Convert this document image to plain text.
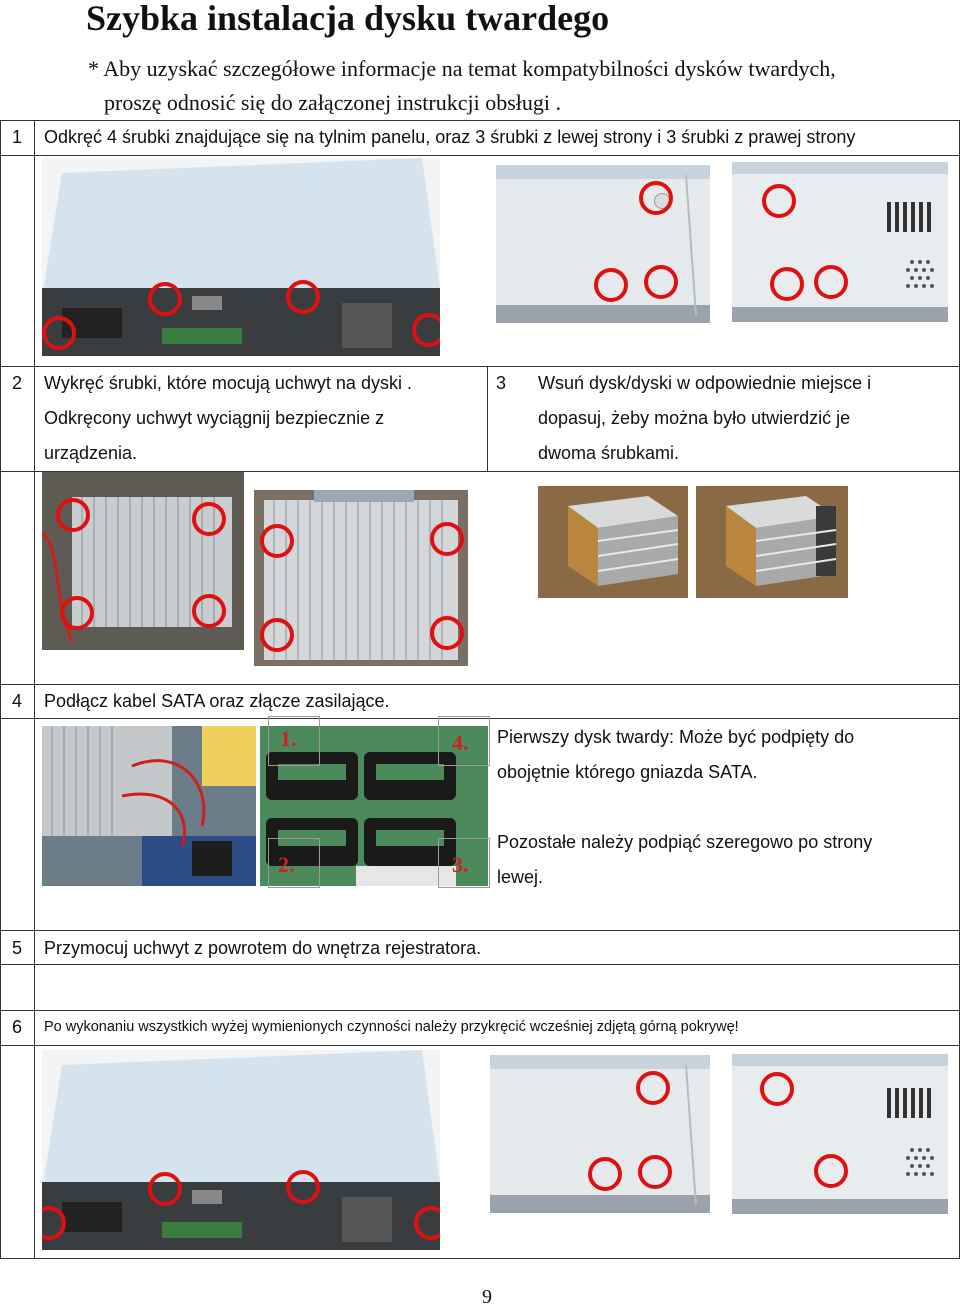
Szybka instalacja dysku twardego
* Aby uzyskać szczegółowe informacje na temat kompatybilności dysków twardych,
proszę odnosić się do załączonej instrukcji obsługi .
1 Odkręć 4 śrubki znajdujące się na tylnim panelu, oraz 3 śrubki z lewej strony i 3 śrubki z prawej strony
2 Wykręć śrubki, które mocują uchwyt na dyski .
Odkręcony uchwyt wyciągnij bezpiecznie z
urządzenia.
3 Wsuń dysk/dyski w odpowiednie miejsce i
dopasuj, żeby można było utwierdzić je
dwoma śrubkami.
4 Podłącz kabel SATA oraz złącze zasilające.
1.
2.	3.
4. Pierwszy dysk twardy: Może być podpięty do
obojętnie którego gniazda SATA.
Pozostałe należy podpiąć szeregowo po strony
lewej.
5 Przymocuj uchwyt z powrotem do wnętrza rejestratora.
6 Po wykonaniu wszystkich wyżej wymienionych czynności należy przykręcić wcześniej zdjętą górną pokrywę!
9
